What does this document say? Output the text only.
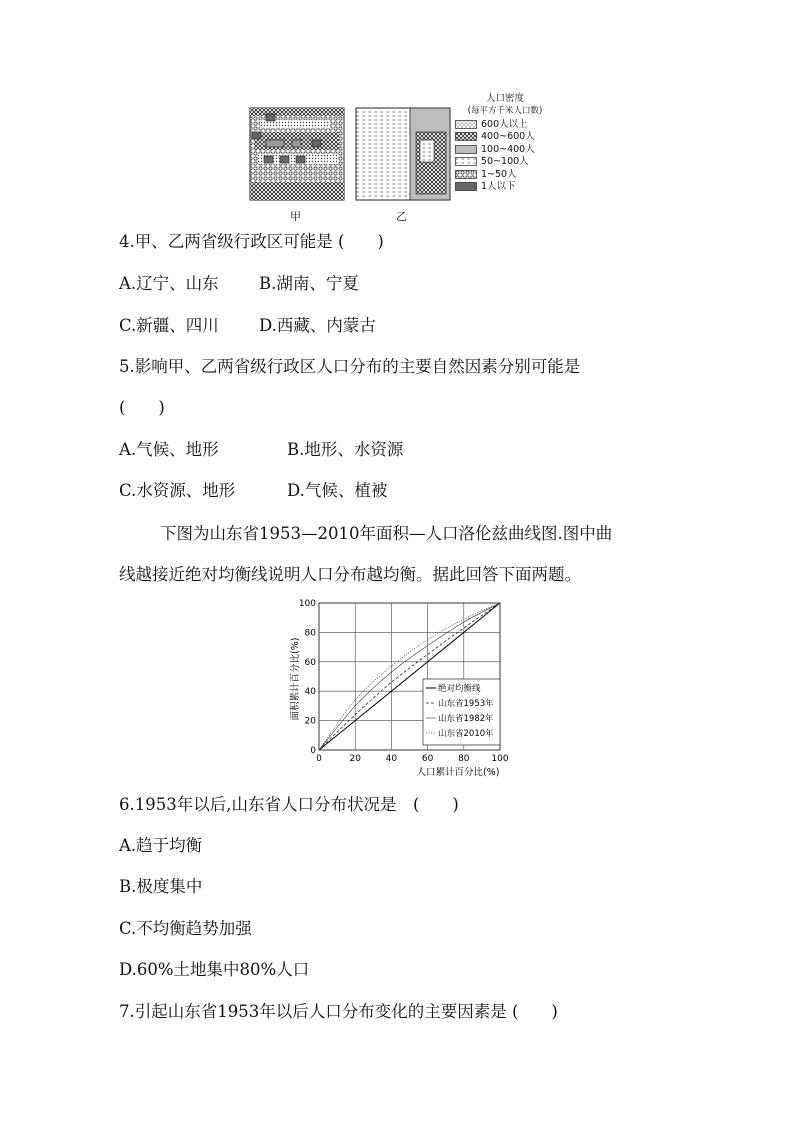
甲	乙
人口密度
(每平方千米人口数)
600人以上
400~600人
100~400人
50~100人
1~50人
1人以下
4.甲、乙两省级行政区可能是 (　　)
A.辽宁、山东 B.湖南、宁夏
C.新疆、四川 D.西藏、内蒙古
5.影响甲、乙两省级行政区人口分布的主要自然因素分别可能是
(　　)
A.气候、地形	B.地形、水资源
C.水资源、地形	D.气候、植被
下图为山东省1953—2010年面积—人口洛伦兹曲线图.图中曲
线越接近绝对均衡线说明人口分布越均衡。据此回答下面两题。
0	20	40	60	80 100
0
20
40
60
80
100
面积累计百分比(%)
人口累计百分比(%)
绝对均衡线
山东省1953年
山东省1982年
山东省2010年
6.1953年以后,山东省人口分布状况是　(　　)
A.趋于均衡
B.极度集中
C.不均衡趋势加强
D.60%土地集中80%人口
7.引起山东省1953年以后人口分布变化的主要因素是 (　　)
